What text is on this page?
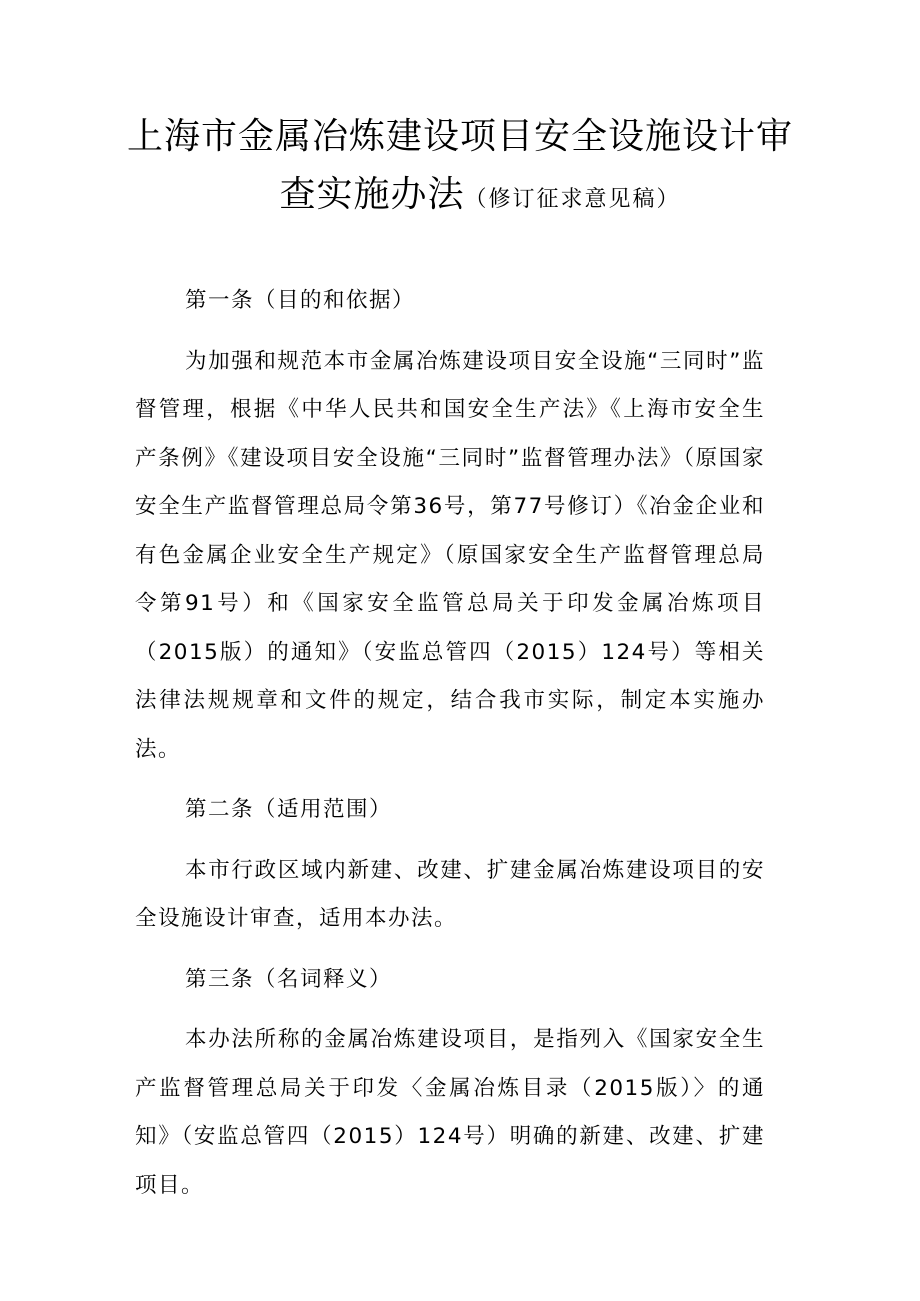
上海市金属冶炼建设项目安全设施设计审
查实施办法（修订征求意见稿）
第一条（目的和依据）
为加强和规范本市金属冶炼建设项目安全设施“三同时”监督管理，根据《中华人民共和国安全生产法》《上海市安全生产条例》《建设项目安全设施“三同时”监督管理办法》（原国家安全生产监督管理总局令第36号，第77号修订）《冶金企业和有色金属企业安全生产规定》（原国家安全生产监督管理总局令第91号）和《国家安全监管总局关于印发金属冶炼项目（2015版）的通知》（安监总管四（2015）124号）等相关法律法规规章和文件的规定，结合我市实际，制定本实施办法。
第二条（适用范围）
本市行政区域内新建、改建、扩建金属冶炼建设项目的安全设施设计审查，适用本办法。
第三条（名词释义）
本办法所称的金属冶炼建设项目，是指列入《国家安全生产监督管理总局关于印发〈金属冶炼目录（2015版）〉的通知》（安监总管四（2015）124号）明确的新建、改建、扩建项目。
